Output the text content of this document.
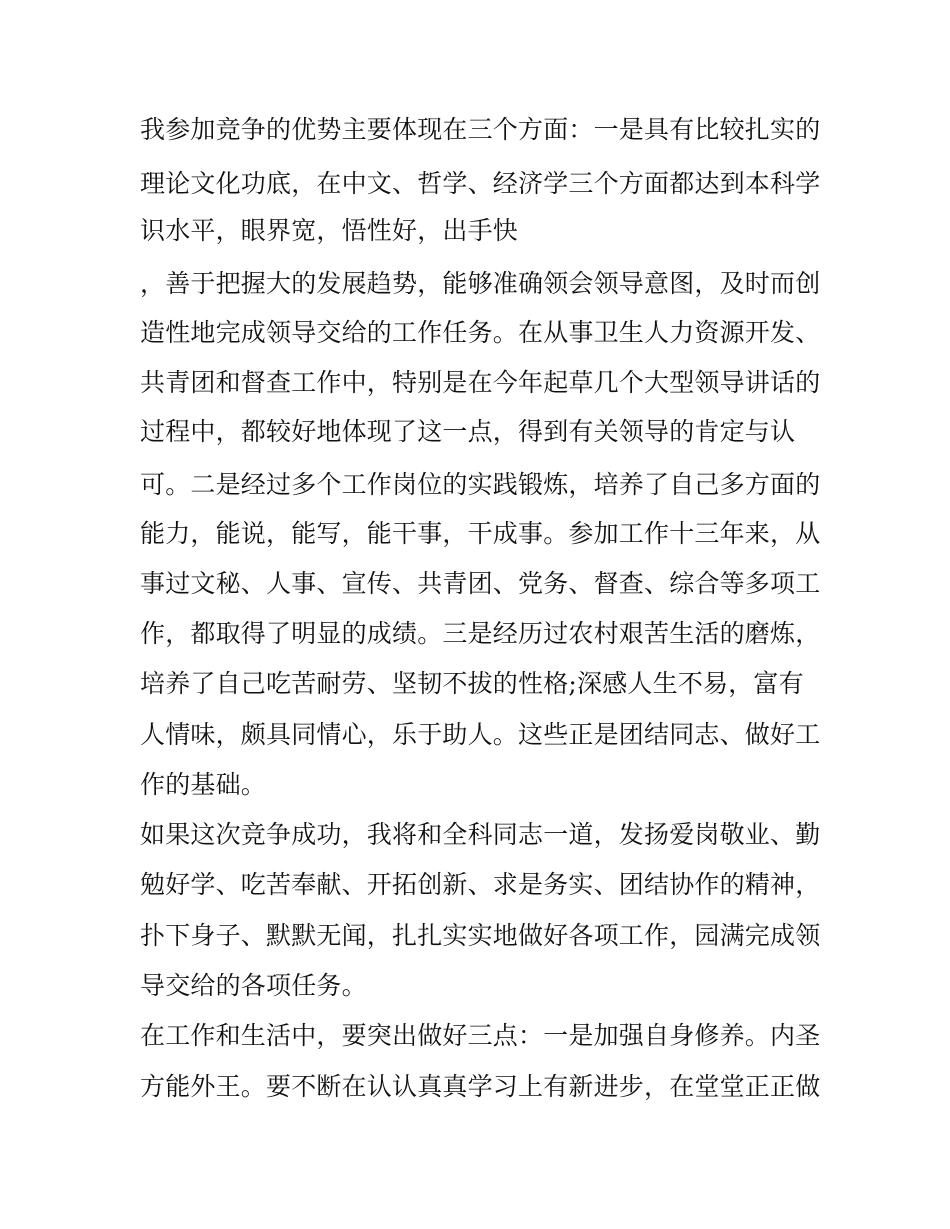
我参加竞争的优势主要体现在三个方面：一是具有比较扎实的
理论文化功底，在中文、哲学、经济学三个方面都达到本科学
识水平，眼界宽，悟性好，出手快
，善于把握大的发展趋势，能够准确领会领导意图，及时而创
造性地完成领导交给的工作任务。在从事卫生人力资源开发、
共青团和督查工作中，特别是在今年起草几个大型领导讲话的
过程中，都较好地体现了这一点，得到有关领导的肯定与认
可。二是经过多个工作岗位的实践锻炼，培养了自己多方面的
能力，能说，能写，能干事，干成事。参加工作十三年来，从
事过文秘、人事、宣传、共青团、党务、督查、综合等多项工
作，都取得了明显的成绩。三是经历过农村艰苦生活的磨炼，
培养了自己吃苦耐劳、坚韧不拔的性格;深感人生不易，富有
人情味，颇具同情心，乐于助人。这些正是团结同志、做好工
作的基础。
如果这次竞争成功，我将和全科同志一道，发扬爱岗敬业、勤
勉好学、吃苦奉献、开拓创新、求是务实、团结协作的精神，
扑下身子、默默无闻，扎扎实实地做好各项工作，园满完成领
导交给的各项任务。
在工作和生活中，要突出做好三点：一是加强自身修养。内圣
方能外王。要不断在认认真真学习上有新进步，在堂堂正正做
